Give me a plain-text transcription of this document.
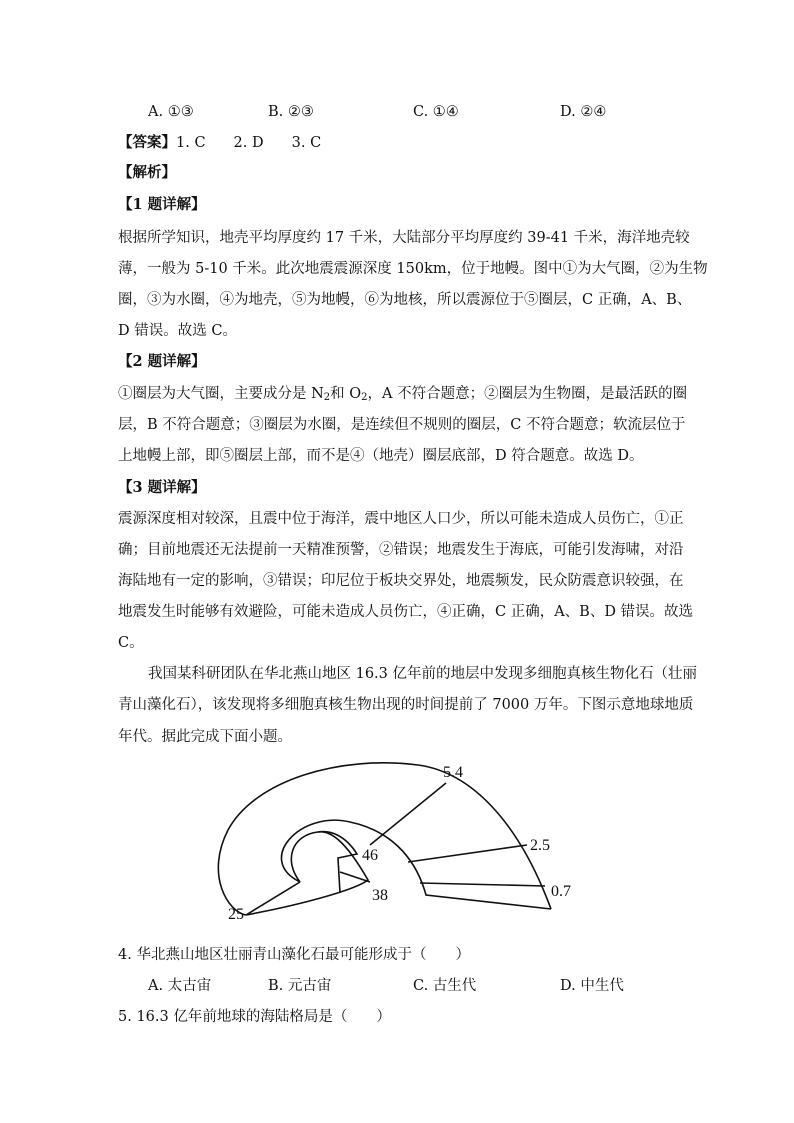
A. ①③	B. ②③	C. ①④	D. ②④
【答案】1. C 2. D 3. C
【解析】
【1 题详解】
根据所学知识，地壳平均厚度约 17 千米，大陆部分平均厚度约 39-41 千米，海洋地壳较
薄，一般为 5-10 千米。此次地震震源深度 150km，位于地幔。图中①为大气圈，②为生物
圈，③为水圈，④为地壳，⑤为地幔，⑥为地核，所以震源位于⑤圈层，C 正确，A、B、
D 错误。故选 C。
【2 题详解】
①圈层为大气圈，主要成分是 $N_2$和 $O_2$，A 不符合题意；②圈层为生物圈，是最活跃的圈
层，B 不符合题意；③圈层为水圈，是连续但不规则的圈层，C 不符合题意；软流层位于
上地幔上部，即⑤圈层上部，而不是④（地壳）圈层底部，D 符合题意。故选 D。
【3 题详解】
震源深度相对较深，且震中位于海洋，震中地区人口少，所以可能未造成人员伤亡，①正
确；目前地震还无法提前一天精准预警，②错误；地震发生于海底，可能引发海啸，对沿
海陆地有一定的影响，③错误；印尼位于板块交界处，地震频发，民众防震意识较强，在
地震发生时能够有效避险，可能未造成人员伤亡，④正确，C 正确，A、B、D 错误。故选
C。
我国某科研团队在华北燕山地区 16.3 亿年前的地层中发现多细胞真核生物化石（壮丽
青山藻化石），该发现将多细胞真核生物出现的时间提前了 7000 万年。下图示意地球地质
年代。据此完成下面小题。
5.4
2.5
46
0.7
38
25
4. 华北燕山地区壮丽青山藻化石最可能形成于（　　）
A. 太古宙	B. 元古宙	C. 古生代	D. 中生代
5. 16.3 亿年前地球的海陆格局是（　　）
